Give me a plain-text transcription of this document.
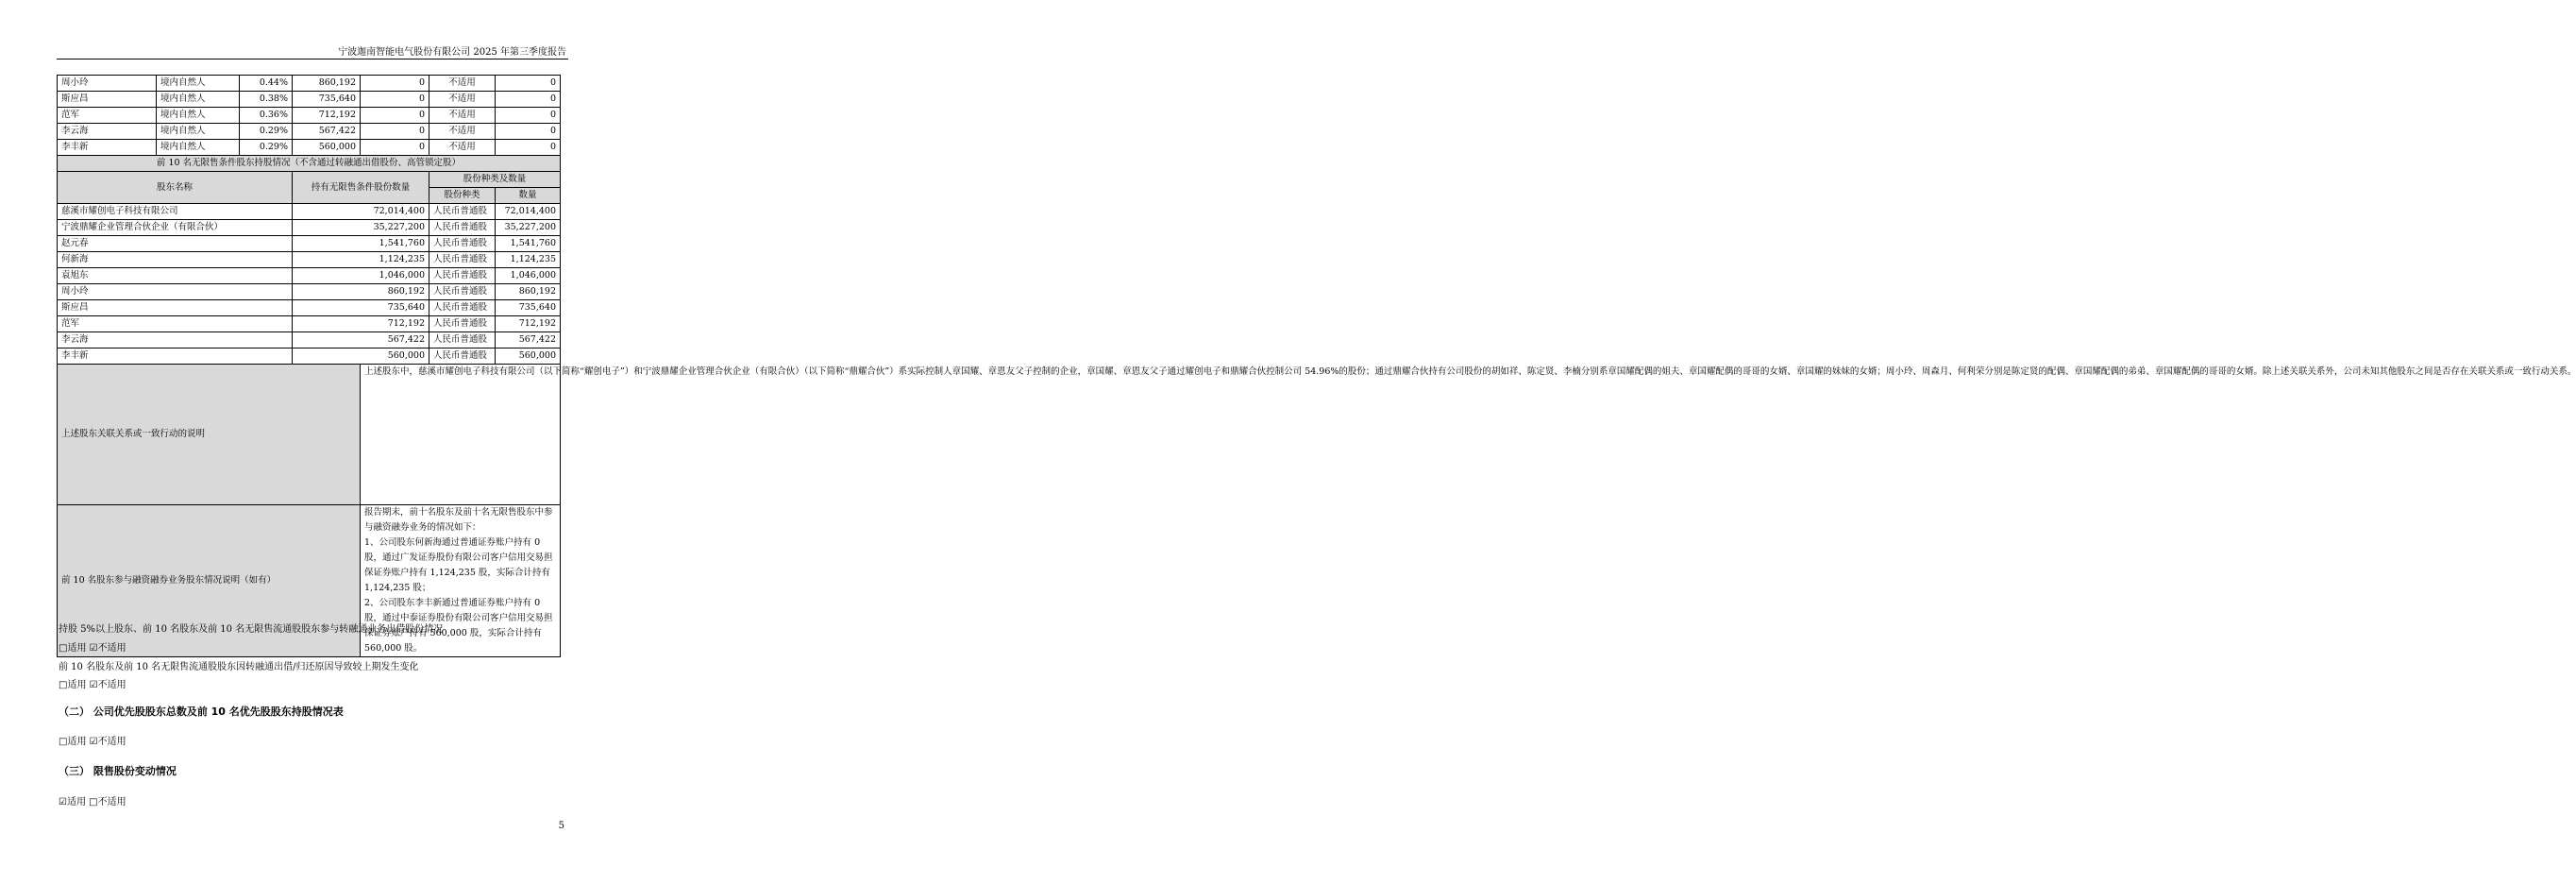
宁波迦南智能电气股份有限公司 2025 年第三季度报告
周小玲	境内自然人	0.44%	860,192	0	不适用	0
斯应昌	境内自然人	0.38%	735,640	0	不适用	0
范军	境内自然人	0.36%	712,192	0	不适用	0
李云海	境内自然人	0.29%	567,422	0	不适用	0
李丰新	境内自然人	0.29%	560,000	0	不适用	0
前 10 名无限售条件股东持股情况（不含通过转融通出借股份、高管锁定股）						
股东名称			持有无限售条件股份数量		股份种类及数量	
					股份种类	数量
慈溪市耀创电子科技有限公司			72,014,400		人民币普通股	72,014,400
宁波鼎耀企业管理合伙企业（有限合伙）			35,227,200		人民币普通股	35,227,200
赵元春			1,541,760		人民币普通股	1,541,760
何新海			1,124,235		人民币普通股	1,124,235
袁旭东			1,046,000		人民币普通股	1,046,000
周小玲			860,192		人民币普通股	860,192
斯应昌			735,640		人民币普通股	735,640
范军			712,192		人民币普通股	712,192
李云海			567,422		人民币普通股	567,422
李丰新			560,000		人民币普通股	560,000
上述股东关联关系或一致行动的说明				上述股东中，慈溪市耀创电子科技有限公司（以下简称“耀创电子”）和宁波鼎耀企业管理合伙企业（有限合伙）（以下简称“鼎耀合伙”）系实际控制人章国耀、章恩友父子控制的企业，章国耀、章恩友父子通过耀创电子和鼎耀合伙控制公司 54.96%的股份；通过鼎耀合伙持有公司股份的胡如祥、陈定贤、李楠分别系章国耀配偶的姐夫、章国耀配偶的哥哥的女婿、章国耀的妹妹的女婿；周小玲、周森月、何利荣分别是陈定贤的配偶、章国耀配偶的弟弟、章国耀配偶的哥哥的女婿。除上述关联关系外，公司未知其他股东之间是否存在关联关系或一致行动关系。		
前 10 名股东参与融资融券业务股东情况说明（如有）				报告期末，前十名股东及前十名无限售股东中参与融资融券业务的情况如下：
1、公司股东何新海通过普通证券账户持有 0 股，通过广发证券股份有限公司客户信用交易担保证券账户持有 1,124,235 股，实际合计持有 1,124,235 股；
2、公司股东李丰新通过普通证券账户持有 0 股，通过中泰证券股份有限公司客户信用交易担保证券账户持有 560,000 股，实际合计持有 560,000 股。		
持股 5%以上股东、前 10 名股东及前 10 名无限售流通股股东参与转融通业务出借股份情况
□适用 ☑不适用
前 10 名股东及前 10 名无限售流通股股东因转融通出借/归还原因导致较上期发生变化
□适用 ☑不适用
（二） 公司优先股股东总数及前 10 名优先股股东持股情况表
□适用 ☑不适用
（三） 限售股份变动情况
☑适用 □不适用
5
